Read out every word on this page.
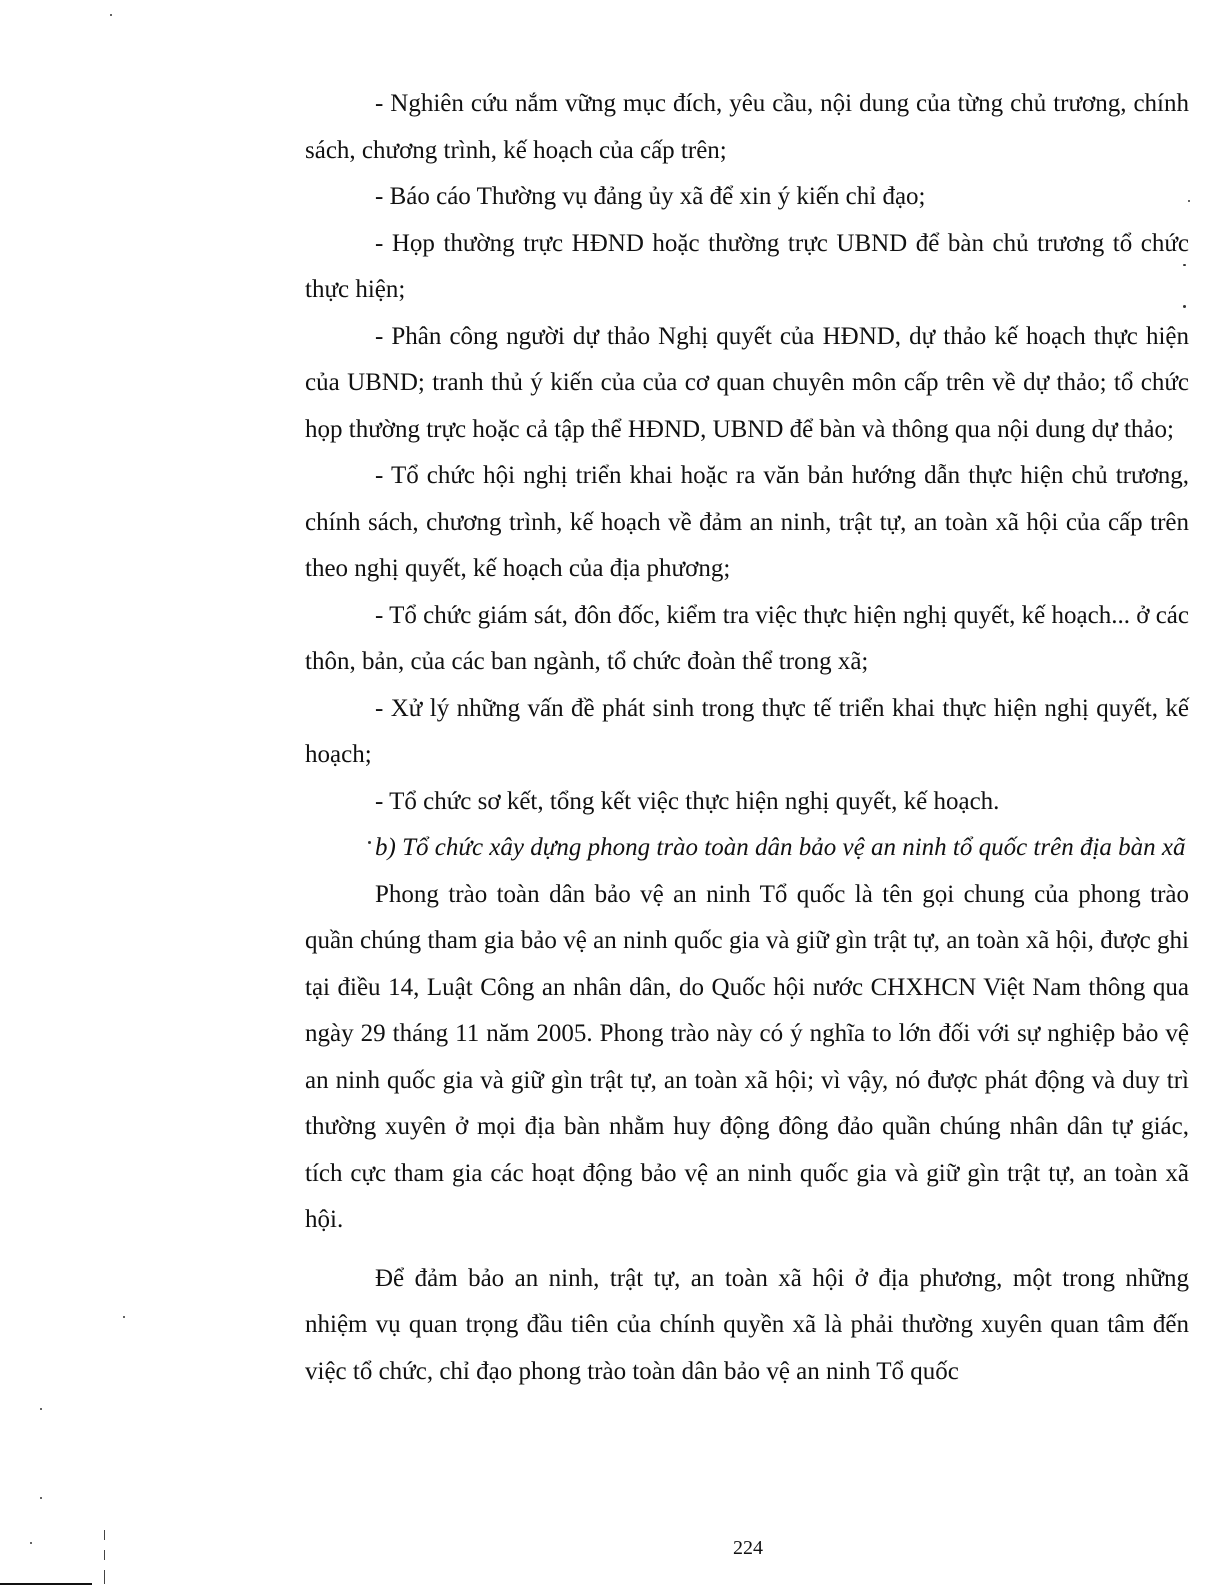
- Nghiên cứu nắm vững mục đích, yêu cầu, nội dung của từng chủ trương, chính sách, chương trình, kế hoạch của cấp trên;

- Báo cáo Thường vụ đảng ủy xã để xin ý kiến chỉ đạo;

- Họp thường trực HĐND hoặc thường trực UBND để bàn chủ trương tổ chức thực hiện;

- Phân công người dự thảo Nghị quyết của HĐND, dự thảo kế hoạch thực hiện của UBND; tranh thủ ý kiến của của cơ quan chuyên môn cấp trên về dự thảo; tổ chức họp thường trực hoặc cả tập thể HĐND, UBND để bàn và thông qua nội dung dự thảo;

- Tổ chức hội nghị triển khai hoặc ra văn bản hướng dẫn thực hiện chủ trương, chính sách, chương trình, kế hoạch về đảm an ninh, trật tự, an toàn xã hội của cấp trên theo nghị quyết, kế hoạch của địa phương;

- Tổ chức giám sát, đôn đốc, kiểm tra việc thực hiện nghị quyết, kế hoạch... ở các thôn, bản, của các ban ngành, tổ chức đoàn thể trong xã;

- Xử lý những vấn đề phát sinh trong thực tế triển khai thực hiện nghị quyết, kế hoạch;

- Tổ chức sơ kết, tổng kết việc thực hiện nghị quyết, kế hoạch.

b) Tổ chức xây dựng phong trào toàn dân bảo vệ an ninh tổ quốc trên địa bàn xã

Phong trào toàn dân bảo vệ an ninh Tổ quốc là tên gọi chung của phong trào quần chúng tham gia bảo vệ an ninh quốc gia và giữ gìn trật tự, an toàn xã hội, được ghi tại điều 14, Luật Công an nhân dân, do Quốc hội nước CHXHCN Việt Nam thông qua ngày 29 tháng 11 năm 2005. Phong trào này có ý nghĩa to lớn đối với sự nghiệp bảo vệ an ninh quốc gia và giữ gìn trật tự, an toàn xã hội; vì vậy, nó được phát động và duy trì thường xuyên ở mọi địa bàn nhằm huy động đông đảo quần chúng nhân dân tự giác, tích cực tham gia các hoạt động bảo vệ an ninh quốc gia và giữ gìn trật tự, an toàn xã hội.

Để đảm bảo an ninh, trật tự, an toàn xã hội ở địa phương, một trong những nhiệm vụ quan trọng đầu tiên của chính quyền xã là phải thường xuyên quan tâm đến việc tổ chức, chỉ đạo phong trào toàn dân bảo vệ an ninh Tổ quốc

224
